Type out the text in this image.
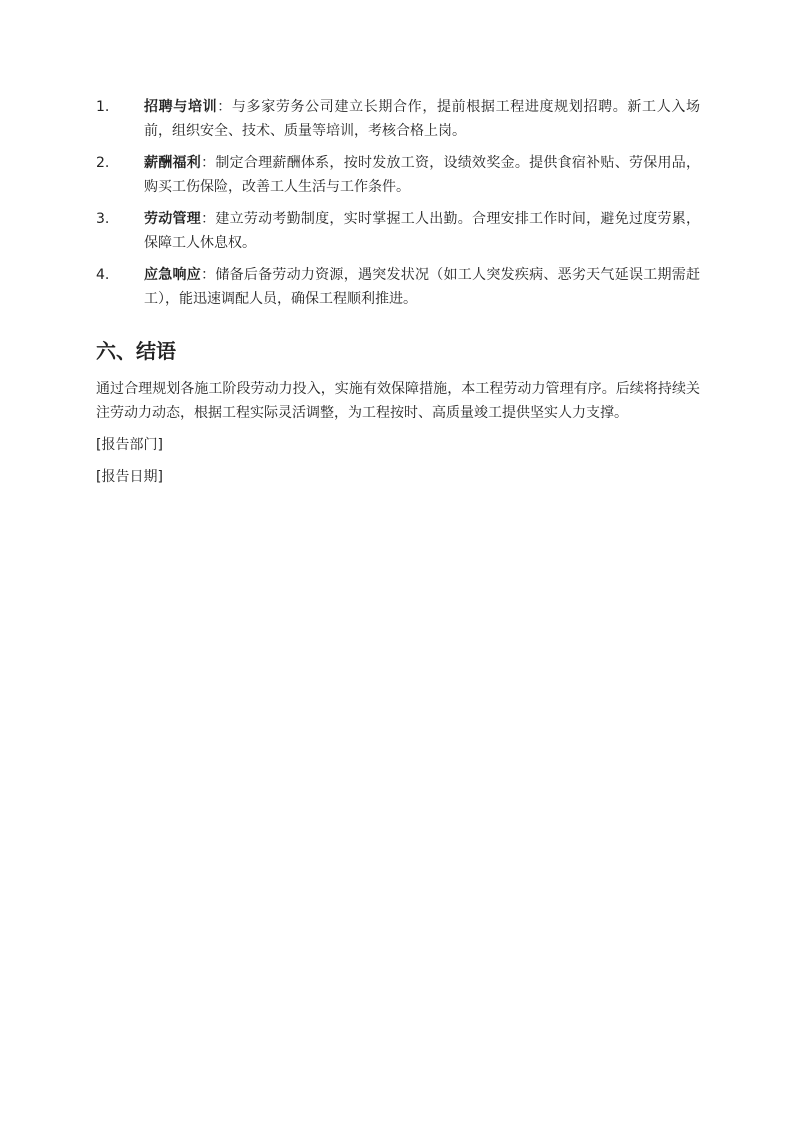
1.	招聘与培训：与多家劳务公司建立长期合作，提前根据工程进度规划招聘。新工人入场前，组织安全、技术、质量等培训，考核合格上岗。
2.	薪酬福利：制定合理薪酬体系，按时发放工资，设绩效奖金。提供食宿补贴、劳保用品，购买工伤保险，改善工人生活与工作条件。
3.	劳动管理：建立劳动考勤制度，实时掌握工人出勤。合理安排工作时间，避免过度劳累，保障工人休息权。
4.	应急响应：储备后备劳动力资源，遇突发状况（如工人突发疾病、恶劣天气延误工期需赶工），能迅速调配人员，确保工程顺利推进。
六、结语

通过合理规划各施工阶段劳动力投入，实施有效保障措施，本工程劳动力管理有序。后续将持续关注劳动力动态，根据工程实际灵活调整，为工程按时、高质量竣工提供坚实人力支撑。

[报告部门]

[报告日期]
